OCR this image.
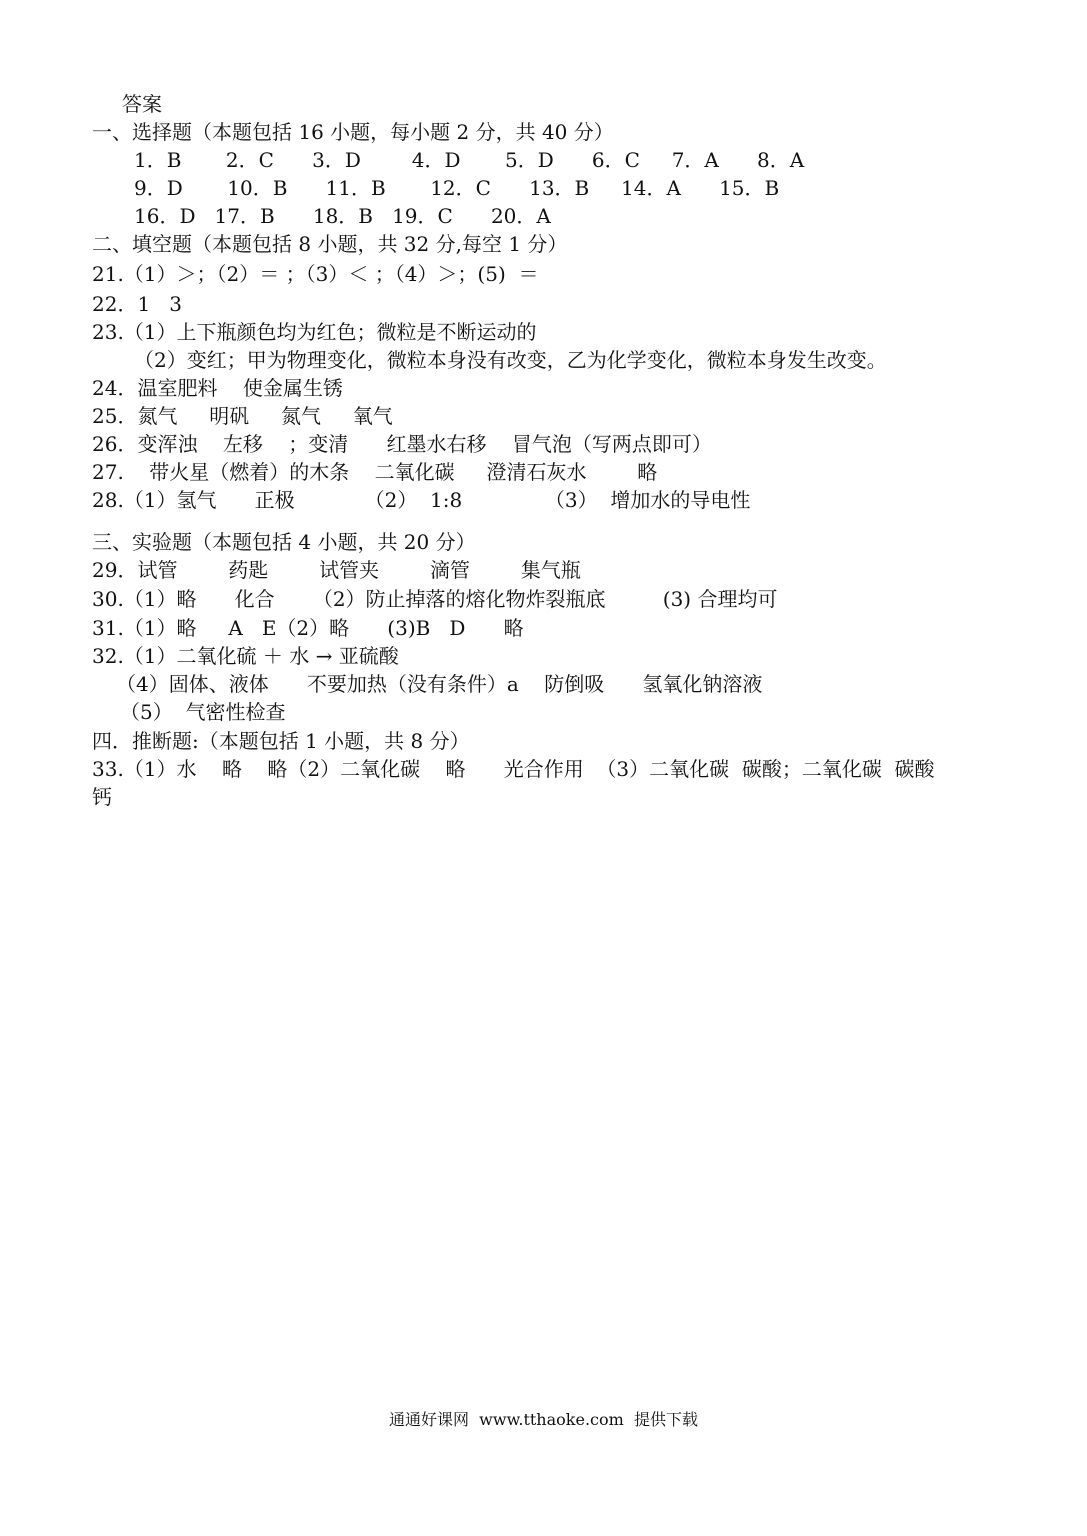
答案
一、选择题（本题包括 16 小题，每小题 2 分，共 40 分）
1．B       2．C      3．D        4．D       5．D      6．C     7．A      8．A
9．D       10．B      11．B       12．C      13．B     14．A      15．B
16．D   17．B      18．B   19．C      20．A
二、填空题（本题包括 8 小题，共 32 分,每空 1 分）
21.（1）＞；（2）＝ ；（3）＜ ；（4）＞；(5)  ＝
22．1   3
23.（1）上下瓶颜色均为红色；微粒是不断运动的
（2）变红；甲为物理变化，微粒本身没有改变，乙为化学变化，微粒本身发生改变。
24．温室肥料    使金属生锈
25．氮气     明矾     氮气     氧气
26．变浑浊    左移    ；变清      红墨水右移    冒气泡（写两点即可）
27.    带火星（燃着）的木条    二氧化碳     澄清石灰水        略
28.（1）氢气      正极           （2）  1:8             （3）  增加水的导电性
三、实验题（本题包括 4 小题，共 20 分）
29．试管        药匙        试管夹        滴管        集气瓶
30.（1）略      化合      （2）防止掉落的熔化物炸裂瓶底         (3) 合理均可
31.（1）略     A   E（2）略      (3)B   D      略
32.（1）二氧化硫 ＋ 水 → 亚硫酸
（4）固体、液体      不要加热（没有条件）a    防倒吸      氢氧化钠溶液
（5）  气密性检查
四．推断题:（本题包括 1 小题，共 8 分）
33.（1）水    略    略（2）二氧化碳    略      光合作用  （3）二氧化碳  碳酸；二氧化碳  碳酸
钙
通通好课网  www.tthaoke.com  提供下载
